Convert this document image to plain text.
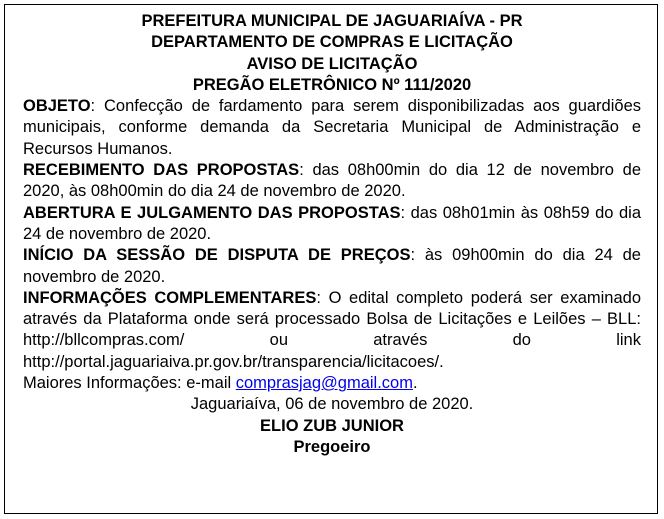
PREFEITURA MUNICIPAL DE JAGUARIAÍVA - PR

DEPARTAMENTO DE COMPRAS E LICITAÇÃO

AVISO DE LICITAÇÃO

PREGÃO ELETRÔNICO Nº 111/2020

OBJETO: Confecção de fardamento para serem disponibilizadas aos guardiões municipais, conforme demanda da Secretaria Municipal de Administração e Recursos Humanos.

RECEBIMENTO DAS PROPOSTAS: das 08h00min do dia 12 de novembro de 2020, às 08h00min do dia 24 de novembro de 2020.

ABERTURA E JULGAMENTO DAS PROPOSTAS: das 08h01min às 08h59 do dia 24 de novembro de 2020.

INÍCIO DA SESSÃO DE DISPUTA DE PREÇOS: às 09h00min do dia 24 de novembro de 2020.

INFORMAÇÕES COMPLEMENTARES: O edital completo poderá ser examinado através da Plataforma onde será processado Bolsa de Licitações e Leilões – BLL: http://bllcompras.com/ ou através do link http://portal.jaguariaiva.pr.gov.br/transparencia/licitacoes/.

Maiores Informações: e-mail comprasjag@gmail.com.

Jaguariaíva, 06 de novembro de 2020.

ELIO ZUB JUNIOR

Pregoeiro
